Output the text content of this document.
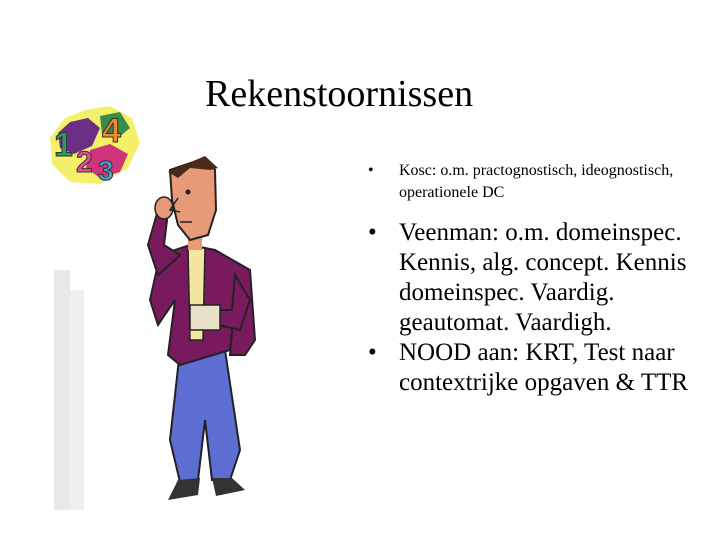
Rekenstoornissen
• Kosc: o.m. practognostisch, ideognostisch, operationele DC
• Veenman: o.m. domeinspec. Kennis, alg. concept. Kennis domeinspec. Vaardig. geautomat. Vaardigh.
• NOOD aan: KRT, Test naar contextrijke opgaven & TTR
1 2 3
4
